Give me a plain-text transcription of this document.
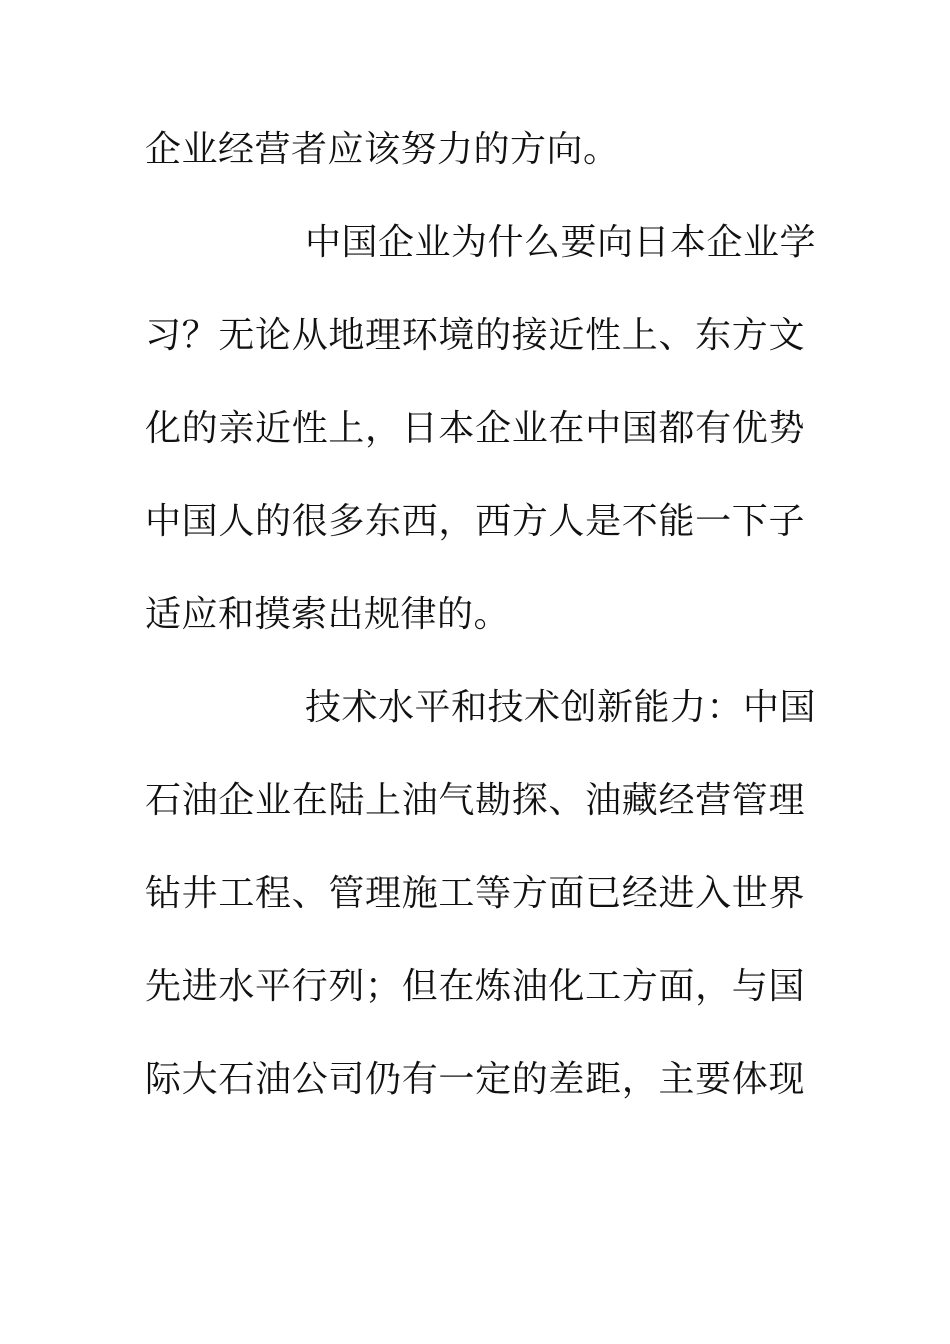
企业经营者应该努力的方向。
中国企业为什么要向日本企业学
习？无论从地理环境的接近性上、东方文
化的亲近性上，日本企业在中国都有优势
中国人的很多东西，西方人是不能一下子
适应和摸索出规律的。
技术水平和技术创新能力：中国
石油企业在陆上油气勘探、油藏经营管理
钻井工程、管理施工等方面已经进入世界
先进水平行列；但在炼油化工方面，与国
际大石油公司仍有一定的差距，主要体现
